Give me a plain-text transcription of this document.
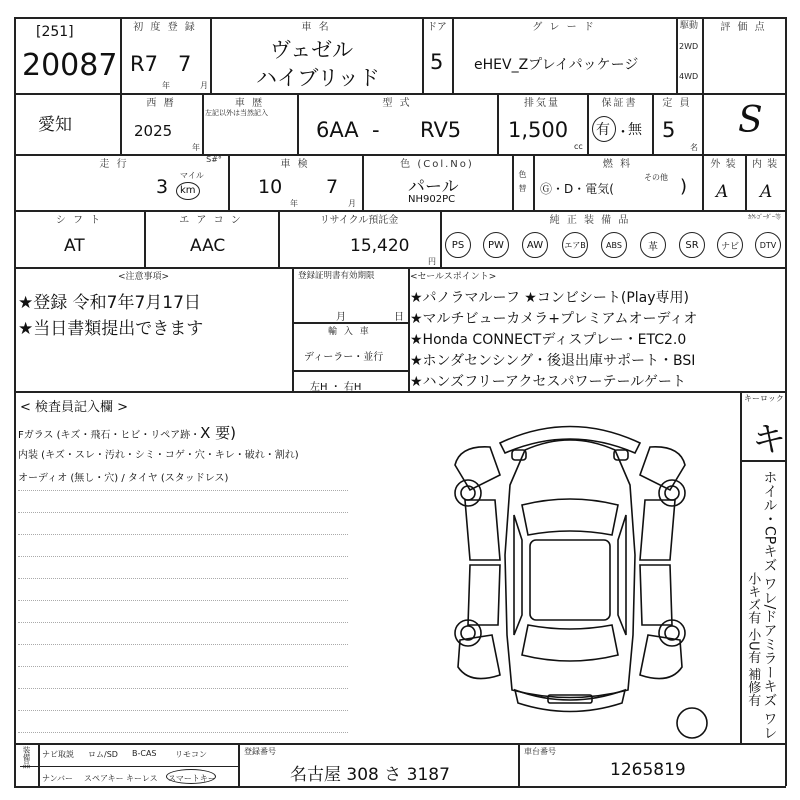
[251]
20087
初 度 登 録
R7 7
年	月
車 名
ヴェゼル
ハイブリッド
ドア
5
グ レ ー ド
eHEV_Zプレイパッケージ
駆動
2WD
4WD
評 価 点
S
愛知
西 暦
2025
年
車 歴
左記以外は当然記入
型 式
6AA - RV5
排気量
1,500
cc
保証書
有 ・
無
定 員
5
名
走 行	S#°
3
マイル
km
車 検
10 7
年	月
色 (Col.No)
パール
NH902PC
色替
燃 料
Ⓖ・D・電気(
その他 )
外 装
A
内 装
A
シ フ ト
AT
エ ア コ ン
AAC
リサイクル預託金
15,420
円
純 正 装 備 品	ｶｸﾚｺﾞｰﾀﾞｰ等
PS	PW	AW	エアB	ABS	革	SR	ナビ	DTV
<注意事項>
★登録 令和7年7月17日
★当日書類提出できます
登録証明書有効期限
月	日
輸 入 車
ディーラー・並行
左H ・ 右H
<セールスポイント>
★パノラマルーフ ★コンビシート(Play専用)
★マルチビューカメラ+プレミアムオーディオ
★Honda CONNECTディスプレー・ETC2.0
★ホンダセンシング・後退出庫サポート・BSI
★ハンズフリーアクセスパワーテールゲート
< 検査員記入欄 >
Fガラス (キズ・飛石・ヒビ・リペア跡・X 要)
内装 (キズ・スレ・汚れ・シミ・コゲ・穴・キレ・破れ・割れ)
オーディオ (無し・穴) / タイヤ (スタッドレス)
キーロック
キ
ホイル・CPキズ ワレ/ドアミラーキズ ワレ
小キズ有 小U有 補修有
装備品 ナビ取説 ロム/SD B-CAS リモコン
ナンバー スペアキー キーレス スマートキー
登録番号
名古屋 308 さ 3187
車台番号
1265819
